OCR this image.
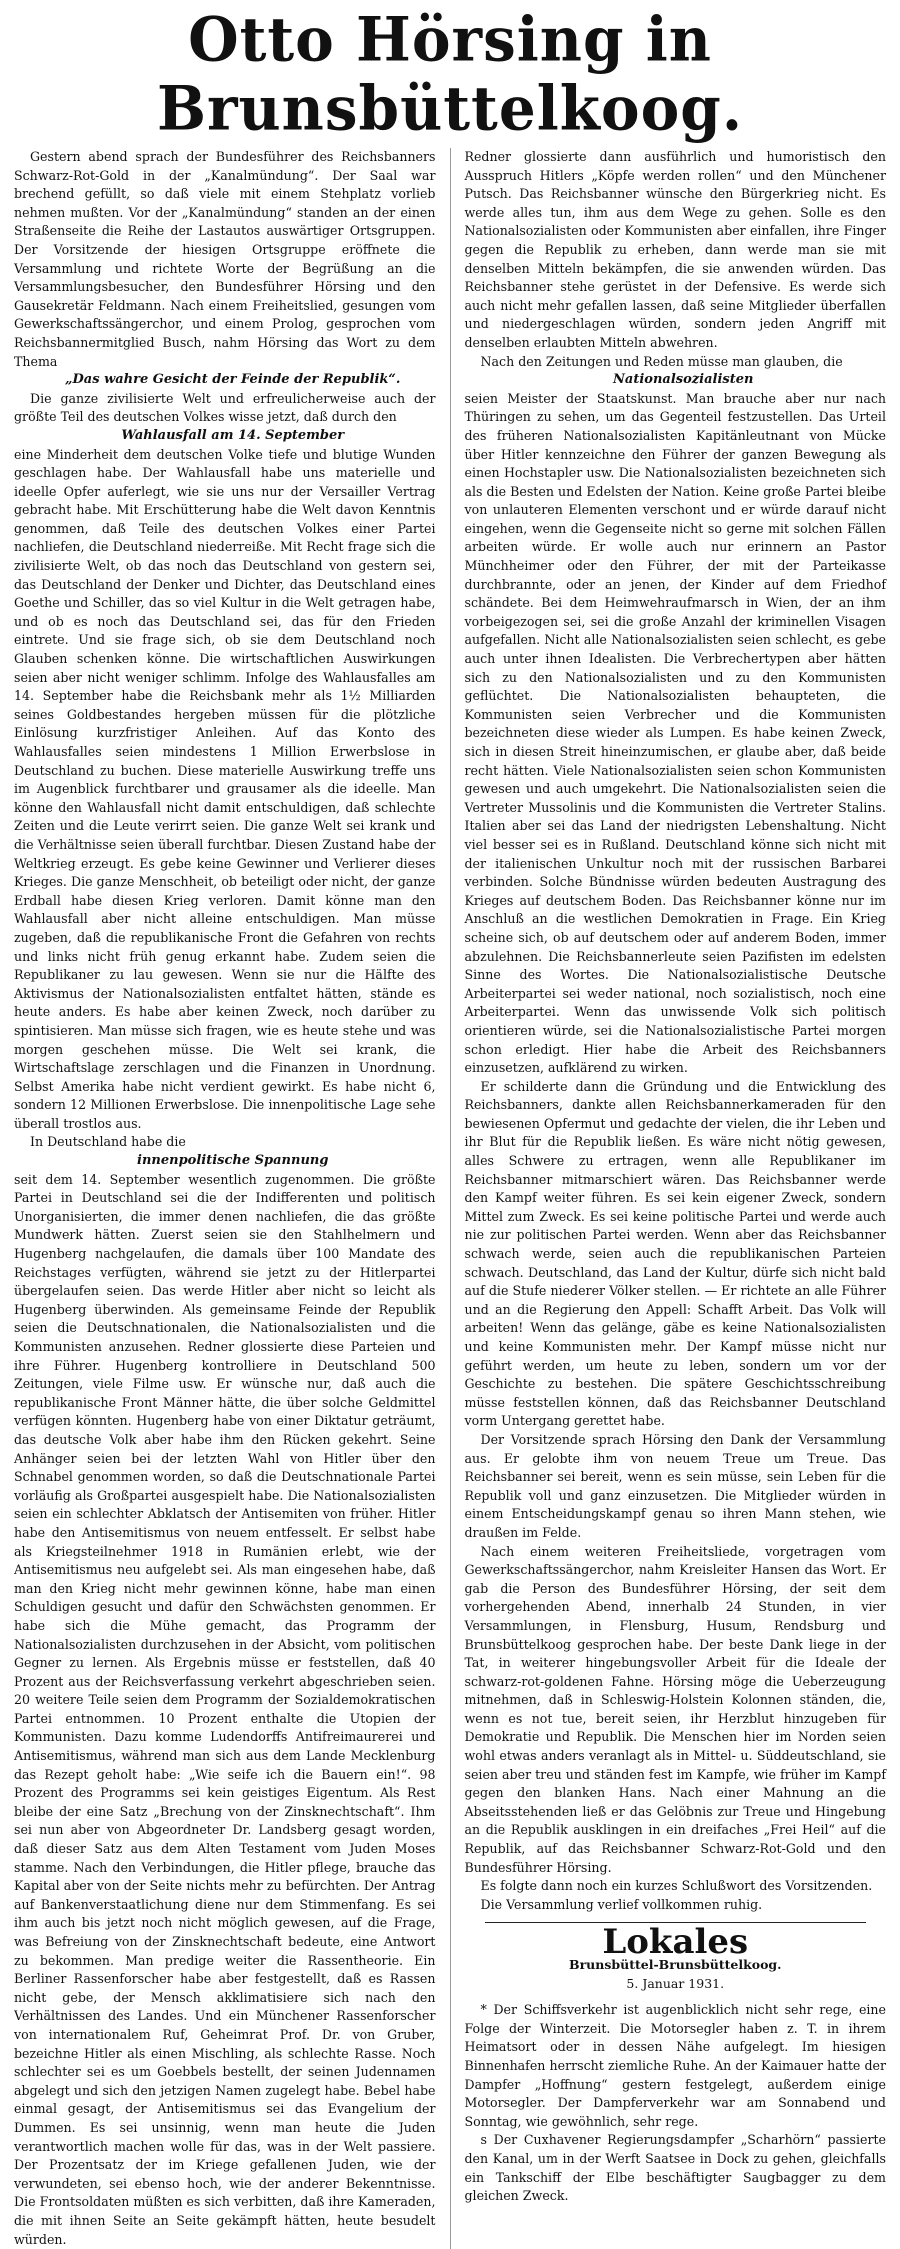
Otto Hörsing in Brunsbüttelkoog.

Gestern abend sprach der Bundesführer des Reichsbanners Schwarz-Rot-Gold in der „Kanalmündung“. Der Saal war brechend gefüllt, so daß viele mit einem Stehplatz vorlieb nehmen mußten. Vor der „Kanalmündung“ standen an der einen Straßenseite die Reihe der Lastautos auswärtiger Ortsgruppen. Der Vorsitzende der hiesigen Ortsgruppe eröffnete die Versammlung und richtete Worte der Begrüßung an die Versammlungsbesucher, den Bundesführer Hörsing und den Gausekretär Feldmann. Nach einem Freiheitslied, gesungen vom Gewerkschaftssängerchor, und einem Prolog, gesprochen vom Reichsbannermitglied Busch, nahm Hörsing das Wort zu dem Thema

„Das wahre Gesicht der Feinde der Republik“.

Die ganze zivilisierte Welt und erfreulicherweise auch der größte Teil des deutschen Volkes wisse jetzt, daß durch den

Wahlausfall am 14. September

eine Minderheit dem deutschen Volke tiefe und blutige Wunden geschlagen habe. Der Wahlausfall habe uns materielle und ideelle Opfer auferlegt, wie sie uns nur der Versailler Vertrag gebracht habe. Mit Erschütterung habe die Welt davon Kenntnis genommen, daß Teile des deutschen Volkes einer Partei nachliefen, die Deutschland niederreiße. Mit Recht frage sich die zivilisierte Welt, ob das noch das Deutschland von gestern sei, das Deutschland der Denker und Dichter, das Deutschland eines Goethe und Schiller, das so viel Kultur in die Welt getragen habe, und ob es noch das Deutschland sei, das für den Frieden eintrete. Und sie frage sich, ob sie dem Deutschland noch Glauben schenken könne. Die wirtschaftlichen Auswirkungen seien aber nicht weniger schlimm. Infolge des Wahlausfalles am 14. September habe die Reichsbank mehr als 1½ Milliarden seines Goldbestandes hergeben müssen für die plötzliche Einlösung kurzfristiger Anleihen. Auf das Konto des Wahlausfalles seien mindestens 1 Million Erwerbslose in Deutschland zu buchen. Diese materielle Auswirkung treffe uns im Augenblick furchtbarer und grausamer als die ideelle. Man könne den Wahlausfall nicht damit entschuldigen, daß schlechte Zeiten und die Leute verirrt seien. Die ganze Welt sei krank und die Verhältnisse seien überall furchtbar. Diesen Zustand habe der Weltkrieg erzeugt. Es gebe keine Gewinner und Verlierer dieses Krieges. Die ganze Menschheit, ob beteiligt oder nicht, der ganze Erdball habe diesen Krieg verloren. Damit könne man den Wahlausfall aber nicht alleine entschuldigen. Man müsse zugeben, daß die republikanische Front die Gefahren von rechts und links nicht früh genug erkannt habe. Zudem seien die Republikaner zu lau gewesen. Wenn sie nur die Hälfte des Aktivismus der Nationalsozialisten entfaltet hätten, stände es heute anders. Es habe aber keinen Zweck, noch darüber zu spintisieren. Man müsse sich fragen, wie es heute stehe und was morgen geschehen müsse. Die Welt sei krank, die Wirtschaftslage zerschlagen und die Finanzen in Unordnung. Selbst Amerika habe nicht verdient gewirkt. Es habe nicht 6, sondern 12 Millionen Erwerbslose. Die innenpolitische Lage sehe überall trostlos aus.

In Deutschland habe die

innenpolitische Spannung

seit dem 14. September wesentlich zugenommen. Die größte Partei in Deutschland sei die der Indifferenten und politisch Unorganisierten, die immer denen nachliefen, die das größte Mundwerk hätten. Zuerst seien sie den Stahlhelmern und Hugenberg nachgelaufen, die damals über 100 Mandate des Reichstages verfügten, während sie jetzt zu der Hitlerpartei übergelaufen seien. Das werde Hitler aber nicht so leicht als Hugenberg überwinden. Als gemeinsame Feinde der Republik seien die Deutschnationalen, die Nationalsozialisten und die Kommunisten anzusehen. Redner glossierte diese Parteien und ihre Führer. Hugenberg kontrolliere in Deutschland 500 Zeitungen, viele Filme usw. Er wünsche nur, daß auch die republikanische Front Männer hätte, die über solche Geldmittel verfügen könnten. Hugenberg habe von einer Diktatur geträumt, das deutsche Volk aber habe ihm den Rücken gekehrt. Seine Anhänger seien bei der letzten Wahl von Hitler über den Schnabel genommen worden, so daß die Deutschnationale Partei vorläufig als Großpartei ausgespielt habe. Die Nationalsozialisten seien ein schlechter Abklatsch der Antisemiten von früher. Hitler habe den Antisemitismus von neuem entfesselt. Er selbst habe als Kriegsteilnehmer 1918 in Rumänien erlebt, wie der Antisemitismus neu aufgelebt sei. Als man eingesehen habe, daß man den Krieg nicht mehr gewinnen könne, habe man einen Schuldigen gesucht und dafür den Schwächsten genommen. Er habe sich die Mühe gemacht, das Programm der Nationalsozialisten durchzusehen in der Absicht, vom politischen Gegner zu lernen. Als Ergebnis müsse er feststellen, daß 40 Prozent aus der Reichsverfassung verkehrt abgeschrieben seien. 20 weitere Teile seien dem Programm der Sozialdemokratischen Partei entnommen. 10 Prozent enthalte die Utopien der Kommunisten. Dazu komme Ludendorffs Antifreimaurerei und Antisemitismus, während man sich aus dem Lande Mecklenburg das Rezept geholt habe: „Wie seife ich die Bauern ein!“. 98 Prozent des Programms sei kein geistiges Eigentum. Als Rest bleibe der eine Satz „Brechung von der Zinsknechtschaft“. Ihm sei nun aber von Abgeordneter Dr. Landsberg gesagt worden, daß dieser Satz aus dem Alten Testament vom Juden Moses stamme. Nach den Verbindungen, die Hitler pflege, brauche das Kapital aber von der Seite nichts mehr zu befürchten. Der Antrag auf Bankenverstaatlichung diene nur dem Stimmenfang. Es sei ihm auch bis jetzt noch nicht möglich gewesen, auf die Frage, was Befreiung von der Zinsknechtschaft bedeute, eine Antwort zu bekommen. Man predige weiter die Rassentheorie. Ein Berliner Rassenforscher habe aber festgestellt, daß es Rassen nicht gebe, der Mensch akklimatisiere sich nach den Verhältnissen des Landes. Und ein Münchener Rassenforscher von internationalem Ruf, Geheimrat Prof. Dr. von Gruber, bezeichne Hitler als einen Mischling, als schlechte Rasse. Noch schlechter sei es um Goebbels bestellt, der seinen Judennamen abgelegt und sich den jetzigen Namen zugelegt habe. Bebel habe einmal gesagt, der Antisemitismus sei das Evangelium der Dummen. Es sei unsinnig, wenn man heute die Juden verantwortlich machen wolle für das, was in der Welt passiere. Der Prozentsatz der im Kriege gefallenen Juden, wie der verwundeten, sei ebenso hoch, wie der anderer Bekenntnisse. Die Frontsoldaten müßten es sich verbitten, daß ihre Kameraden, die mit ihnen Seite an Seite gekämpft hätten, heute besudelt würden.

Redner glossierte dann ausführlich und humoristisch den Ausspruch Hitlers „Köpfe werden rollen“ und den Münchener Putsch. Das Reichsbanner wünsche den Bürgerkrieg nicht. Es werde alles tun, ihm aus dem Wege zu gehen. Solle es den Nationalsozialisten oder Kommunisten aber einfallen, ihre Finger gegen die Republik zu erheben, dann werde man sie mit denselben Mitteln bekämpfen, die sie anwenden würden. Das Reichsbanner stehe gerüstet in der Defensive. Es werde sich auch nicht mehr gefallen lassen, daß seine Mitglieder überfallen und niedergeschlagen würden, sondern jeden Angriff mit denselben erlaubten Mitteln abwehren.

Nach den Zeitungen und Reden müsse man glauben, die

Nationalsozialisten

seien Meister der Staatskunst. Man brauche aber nur nach Thüringen zu sehen, um das Gegenteil festzustellen. Das Urteil des früheren Nationalsozialisten Kapitänleutnant von Mücke über Hitler kennzeichne den Führer der ganzen Bewegung als einen Hochstapler usw. Die Nationalsozialisten bezeichneten sich als die Besten und Edelsten der Nation. Keine große Partei bleibe von unlauteren Elementen verschont und er würde darauf nicht eingehen, wenn die Gegenseite nicht so gerne mit solchen Fällen arbeiten würde. Er wolle auch nur erinnern an Pastor Münchheimer oder den Führer, der mit der Parteikasse durchbrannte, oder an jenen, der Kinder auf dem Friedhof schändete. Bei dem Heimwehraufmarsch in Wien, der an ihm vorbeigezogen sei, sei die große Anzahl der kriminellen Visagen aufgefallen. Nicht alle Nationalsozialisten seien schlecht, es gebe auch unter ihnen Idealisten. Die Verbrechertypen aber hätten sich zu den Nationalsozialisten und zu den Kommunisten geflüchtet. Die Nationalsozialisten behaupteten, die Kommunisten seien Verbrecher und die Kommunisten bezeichneten diese wieder als Lumpen. Es habe keinen Zweck, sich in diesen Streit hineinzumischen, er glaube aber, daß beide recht hätten. Viele Nationalsozialisten seien schon Kommunisten gewesen und auch umgekehrt. Die Nationalsozialisten seien die Vertreter Mussolinis und die Kommunisten die Vertreter Stalins. Italien aber sei das Land der niedrigsten Lebenshaltung. Nicht viel besser sei es in Rußland. Deutschland könne sich nicht mit der italienischen Unkultur noch mit der russischen Barbarei verbinden. Solche Bündnisse würden bedeuten Austragung des Krieges auf deutschem Boden. Das Reichsbanner könne nur im Anschluß an die westlichen Demokratien in Frage. Ein Krieg scheine sich, ob auf deutschem oder auf anderem Boden, immer abzulehnen. Die Reichsbannerleute seien Pazifisten im edelsten Sinne des Wortes. Die Nationalsozialistische Deutsche Arbeiterpartei sei weder national, noch sozialistisch, noch eine Arbeiterpartei. Wenn das unwissende Volk sich politisch orientieren würde, sei die Nationalsozialistische Partei morgen schon erledigt. Hier habe die Arbeit des Reichsbanners einzusetzen, aufklärend zu wirken.

Er schilderte dann die Gründung und die Entwicklung des Reichsbanners, dankte allen Reichsbannerkameraden für den bewiesenen Opfermut und gedachte der vielen, die ihr Leben und ihr Blut für die Republik ließen. Es wäre nicht nötig gewesen, alles Schwere zu ertragen, wenn alle Republikaner im Reichsbanner mitmarschiert wären. Das Reichsbanner werde den Kampf weiter führen. Es sei kein eigener Zweck, sondern Mittel zum Zweck. Es sei keine politische Partei und werde auch nie zur politischen Partei werden. Wenn aber das Reichsbanner schwach werde, seien auch die republikanischen Parteien schwach. Deutschland, das Land der Kultur, dürfe sich nicht bald auf die Stufe niederer Völker stellen. — Er richtete an alle Führer und an die Regierung den Appell: Schafft Arbeit. Das Volk will arbeiten! Wenn das gelänge, gäbe es keine Nationalsozialisten und keine Kommunisten mehr. Der Kampf müsse nicht nur geführt werden, um heute zu leben, sondern um vor der Geschichte zu bestehen. Die spätere Geschichtsschreibung müsse feststellen können, daß das Reichsbanner Deutschland vorm Untergang gerettet habe.

Der Vorsitzende sprach Hörsing den Dank der Versammlung aus. Er gelobte ihm von neuem Treue um Treue. Das Reichsbanner sei bereit, wenn es sein müsse, sein Leben für die Republik voll und ganz einzusetzen. Die Mitglieder würden in einem Entscheidungskampf genau so ihren Mann stehen, wie draußen im Felde.

Nach einem weiteren Freiheitsliede, vorgetragen vom Gewerkschaftssängerchor, nahm Kreisleiter Hansen das Wort. Er gab die Person des Bundesführer Hörsing, der seit dem vorhergehenden Abend, innerhalb 24 Stunden, in vier Versammlungen, in Flensburg, Husum, Rendsburg und Brunsbüttelkoog gesprochen habe. Der beste Dank liege in der Tat, in weiterer hingebungsvoller Arbeit für die Ideale der schwarz-rot-goldenen Fahne. Hörsing möge die Ueberzeugung mitnehmen, daß in Schleswig-Holstein Kolonnen ständen, die, wenn es not tue, bereit seien, ihr Herzblut hinzugeben für Demokratie und Republik. Die Menschen hier im Norden seien wohl etwas anders veranlagt als in Mittel- u. Süddeutschland, sie seien aber treu und ständen fest im Kampfe, wie früher im Kampf gegen den blanken Hans. Nach einer Mahnung an die Abseitsstehenden ließ er das Gelöbnis zur Treue und Hingebung an die Republik ausklingen in ein dreifaches „Frei Heil“ auf die Republik, auf das Reichsbanner Schwarz-Rot-Gold und den Bundesführer Hörsing.

Es folgte dann noch ein kurzes Schlußwort des Vorsitzenden.

Die Versammlung verlief vollkommen ruhig.

Lokales
Brunsbüttel-Brunsbüttelkoog.
5. Januar 1931.

* Der Schiffsverkehr ist augenblicklich nicht sehr rege, eine Folge der Winterzeit. Die Motorsegler haben z. T. in ihrem Heimatsort oder in dessen Nähe aufgelegt. Im hiesigen Binnenhafen herrscht ziemliche Ruhe. An der Kaimauer hatte der Dampfer „Hoffnung“ gestern festgelegt, außerdem einige Motorsegler. Der Dampferverkehr war am Sonnabend und Sonntag, wie gewöhnlich, sehr rege.

s Der Cuxhavener Regierungsdampfer „Scharhörn“ passierte den Kanal, um in der Werft Saatsee in Dock zu gehen, gleichfalls ein Tankschiff der Elbe beschäftigter Saugbagger zu dem gleichen Zweck.
